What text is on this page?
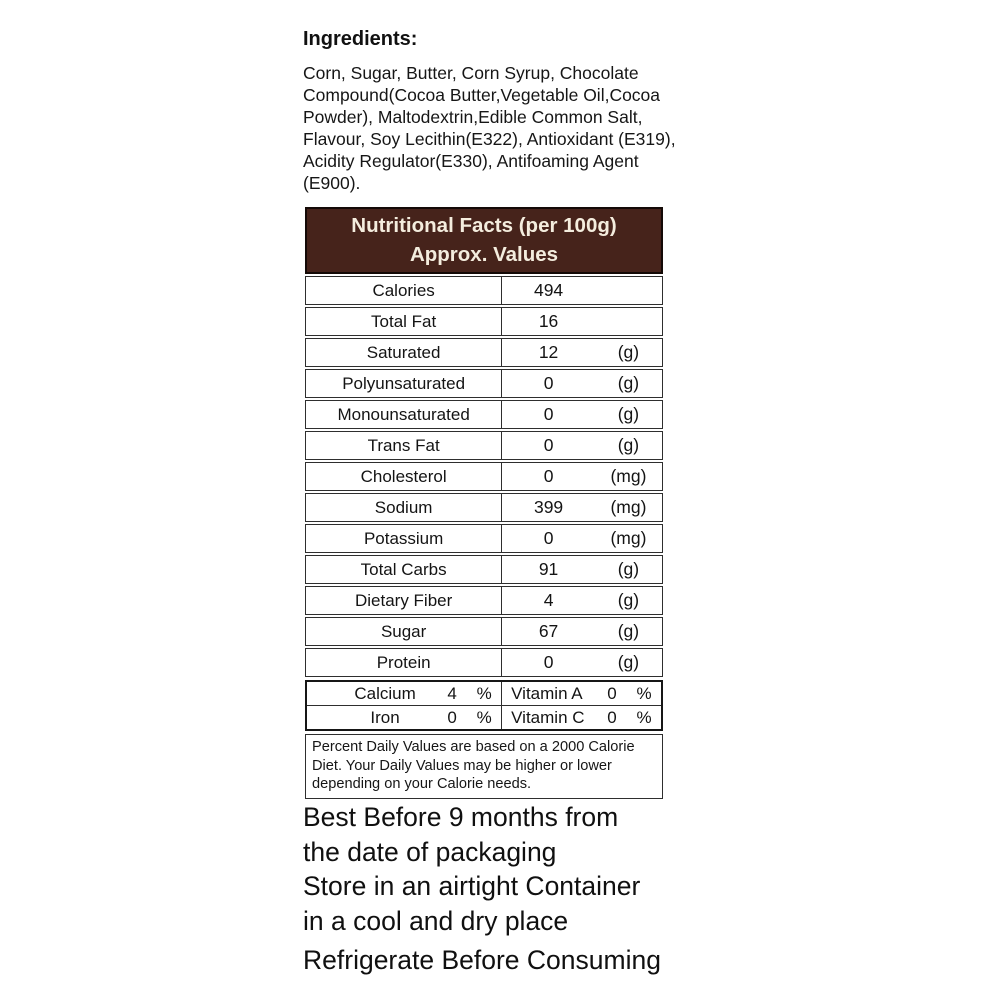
Ingredients:

Corn, Sugar, Butter, Corn Syrup, Chocolate Compound(Cocoa Butter,Vegetable Oil,Cocoa Powder), Maltodextrin,Edible Common Salt, Flavour, Soy Lecithin(E322), Antioxidant (E319), Acidity Regulator(E330), Antifoaming Agent (E900).

Nutritional Facts (per 100g)
Approx. Values
Calories	494
Total Fat	16
Saturated	12	(g)
Polyunsaturated	0	(g)
Monounsaturated	0	(g)
Trans Fat	0	(g)
Cholesterol	0	(mg)
Sodium	399	(mg)
Potassium	0	(mg)
Total Carbs	91	(g)
Dietary Fiber	4	(g)
Sugar	67	(g)
Protein	0	(g)
Calcium	4	%	Vitamin A	0	%
Iron	0	%	Vitamin C	0	%
Percent Daily Values are based on a 2000 Calorie Diet. Your Daily Values may be higher or lower depending on your Calorie needs.
Best Before 9 months from
the date of packaging
Store in an airtight Container
in a cool and dry place
Refrigerate Before Consuming
